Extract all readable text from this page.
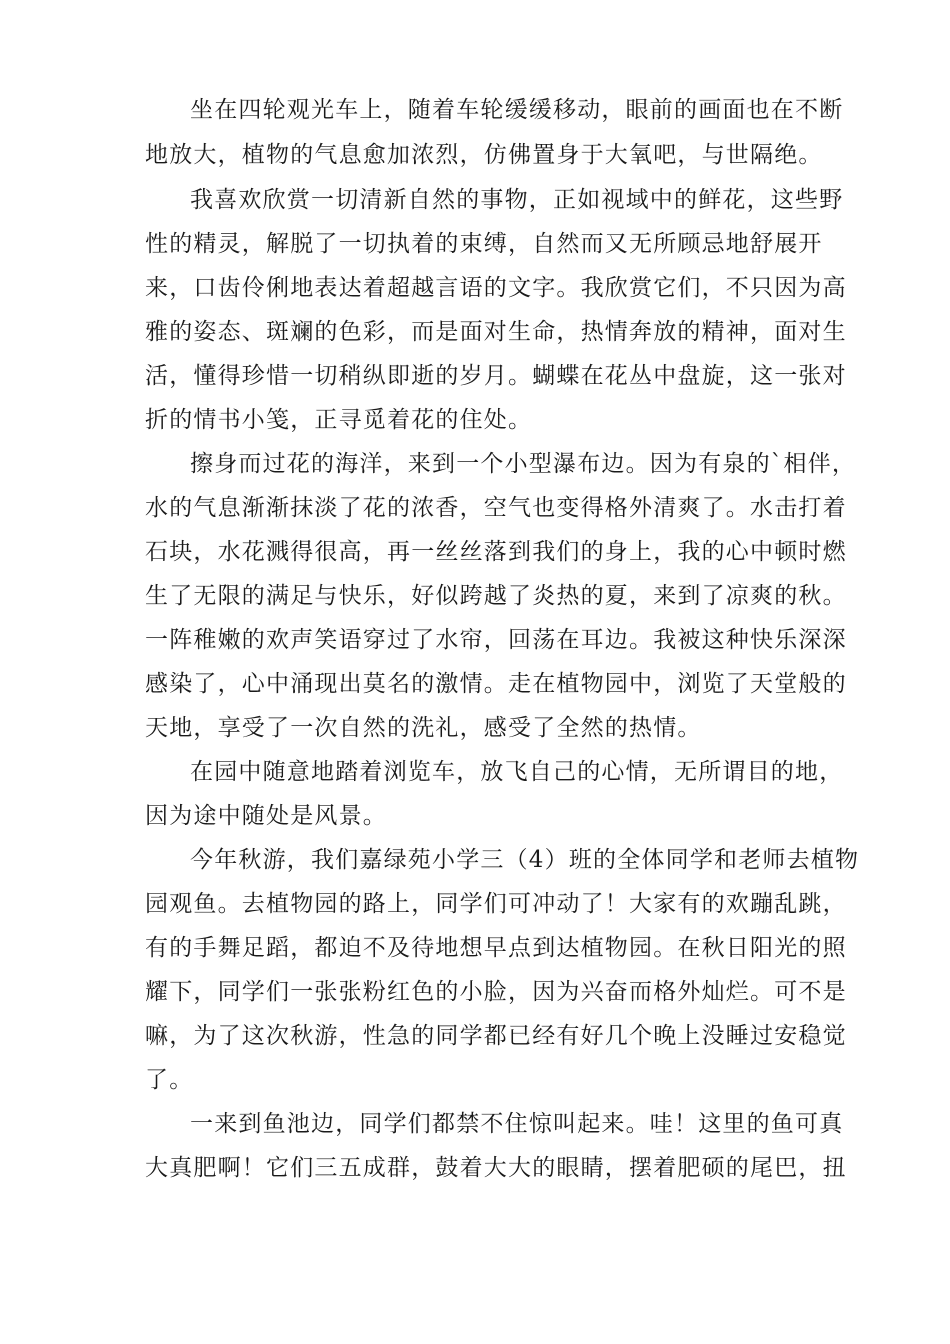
坐在四轮观光车上，随着车轮缓缓移动，眼前的画面也在不断
地放大，植物的气息愈加浓烈，仿佛置身于大氧吧，与世隔绝。
我喜欢欣赏一切清新自然的事物，正如视域中的鲜花，这些野
性的精灵，解脱了一切执着的束缚，自然而又无所顾忌地舒展开
来，口齿伶俐地表达着超越言语的文字。我欣赏它们，不只因为高
雅的姿态、斑斓的色彩，而是面对生命，热情奔放的精神，面对生
活，懂得珍惜一切稍纵即逝的岁月。蝴蝶在花丛中盘旋，这一张对
折的情书小笺，正寻觅着花的住处。
擦身而过花的海洋，来到一个小型瀑布边。因为有泉的`相伴，
水的气息渐渐抹淡了花的浓香，空气也变得格外清爽了。水击打着
石块，水花溅得很高，再一丝丝落到我们的身上，我的心中顿时燃
生了无限的满足与快乐，好似跨越了炎热的夏，来到了凉爽的秋。
一阵稚嫩的欢声笑语穿过了水帘，回荡在耳边。我被这种快乐深深
感染了，心中涌现出莫名的激情。走在植物园中，浏览了天堂般的
天地，享受了一次自然的洗礼，感受了全然的热情。
在园中随意地踏着浏览车，放飞自己的心情，无所谓目的地，
因为途中随处是风景。
今年秋游，我们嘉绿苑小学三（4）班的全体同学和老师去植物
园观鱼。去植物园的路上，同学们可冲动了！大家有的欢蹦乱跳，
有的手舞足蹈，都迫不及待地想早点到达植物园。在秋日阳光的照
耀下，同学们一张张粉红色的小脸，因为兴奋而格外灿烂。可不是
嘛，为了这次秋游，性急的同学都已经有好几个晚上没睡过安稳觉
了。
一来到鱼池边，同学们都禁不住惊叫起来。哇！这里的鱼可真
大真肥啊！它们三五成群，鼓着大大的眼睛，摆着肥硕的尾巴，扭
